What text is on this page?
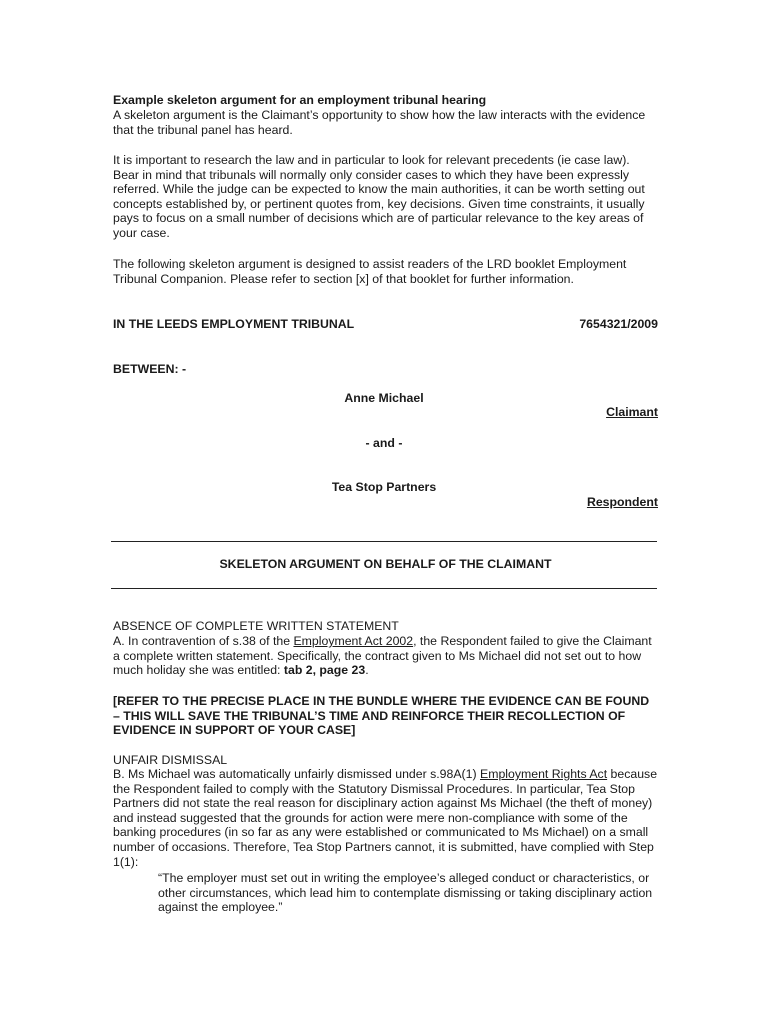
Example skeleton argument for an employment tribunal hearing

A skeleton argument is the Claimant’s opportunity to show how the law interacts with the evidence that the tribunal panel has heard.

It is important to research the law and in particular to look for relevant precedents (ie case law). Bear in mind that tribunals will normally only consider cases to which they have been expressly referred. While the judge can be expected to know the main authorities, it can be worth setting out concepts established by, or pertinent quotes from, key decisions. Given time constraints, it usually pays to focus on a small number of decisions which are of particular relevance to the key areas of your case.

The following skeleton argument is designed to assist readers of the LRD booklet Employment Tribunal Companion. Please refer to section [x] of that booklet for further information.

IN THE LEEDS EMPLOYMENT TRIBUNAL	7654321/2009

BETWEEN: -

Anne Michael

Claimant

- and -

Tea Stop Partners

Respondent

SKELETON ARGUMENT ON BEHALF OF THE CLAIMANT

ABSENCE OF COMPLETE WRITTEN STATEMENT

A. In contravention of s.38 of the Employment Act 2002, the Respondent failed to give the Claimant a complete written statement. Specifically, the contract given to Ms Michael did not set out to how much holiday she was entitled: tab 2, page 23.

[REFER TO THE PRECISE PLACE IN THE BUNDLE WHERE THE EVIDENCE CAN BE FOUND – THIS WILL SAVE THE TRIBUNAL’S TIME AND REINFORCE THEIR RECOLLECTION OF EVIDENCE IN SUPPORT OF YOUR CASE]

UNFAIR DISMISSAL

B. Ms Michael was automatically unfairly dismissed under s.98A(1) Employment Rights Act because the Respondent failed to comply with the Statutory Dismissal Procedures. In particular, Tea Stop Partners did not state the real reason for disciplinary action against Ms Michael (the theft of money) and instead suggested that the grounds for action were mere non-compliance with some of the banking procedures (in so far as any were established or communicated to Ms Michael) on a small number of occasions. Therefore, Tea Stop Partners cannot, it is submitted, have complied with Step 1(1):

“The employer must set out in writing the employee’s alleged conduct or characteristics, or other circumstances, which lead him to contemplate dismissing or taking disciplinary action against the employee.”
